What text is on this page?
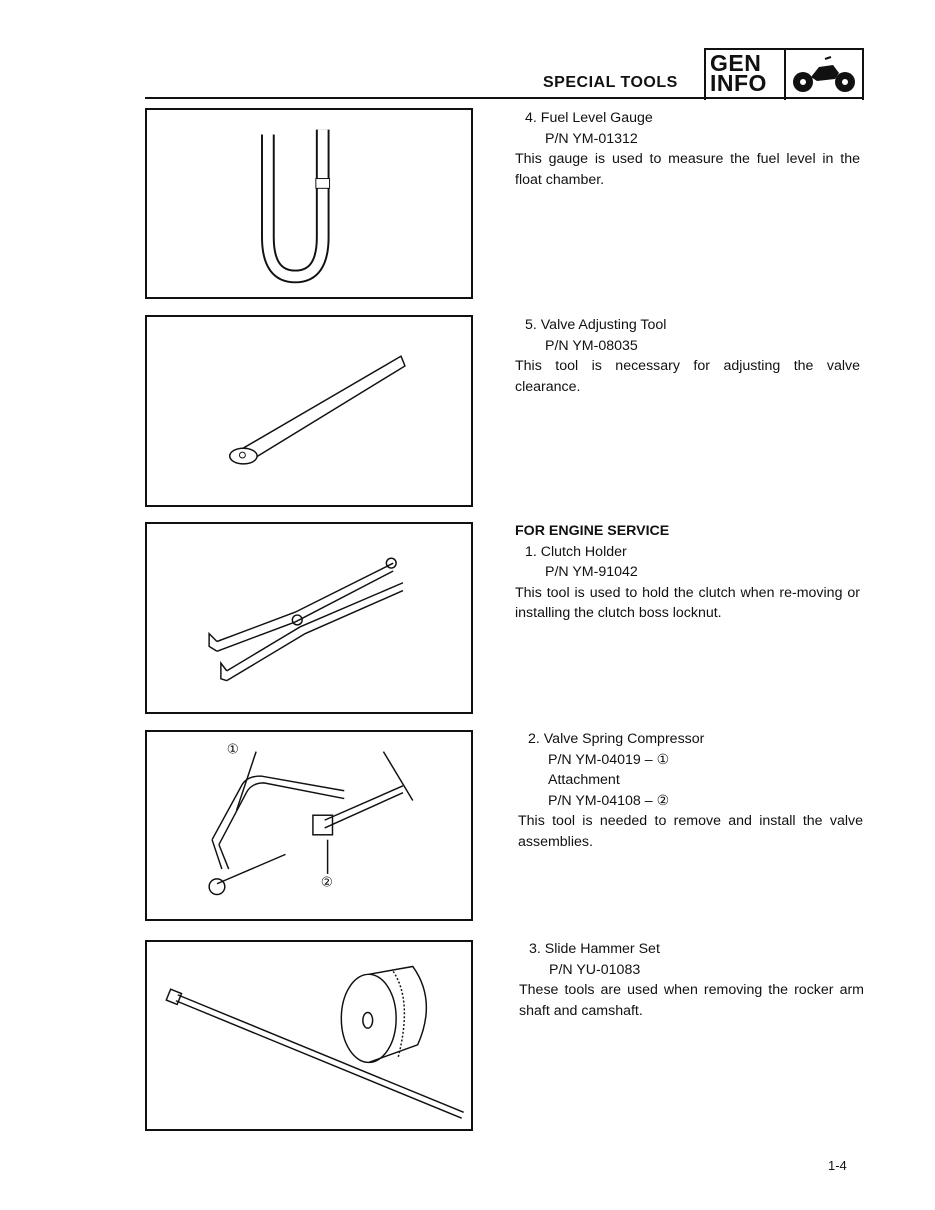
SPECIAL TOOLS
GEN
INFO
①
②
4. Fuel Level Gauge
P/N YM-01312
This gauge is used to measure the fuel level in the float chamber.
5. Valve Adjusting Tool
P/N YM-08035
This tool is necessary for adjusting the valve clearance.
FOR ENGINE SERVICE
1. Clutch Holder
P/N YM-91042
This tool is used to hold the clutch when re-moving or installing the clutch boss locknut.
2. Valve Spring Compressor
P/N YM-04019 – ①
Attachment
P/N YM-04108 – ②
This tool is needed to remove and install the valve assemblies.
3. Slide Hammer Set
P/N YU-01083
These tools are used when removing the rocker arm shaft and camshaft.
1-4
